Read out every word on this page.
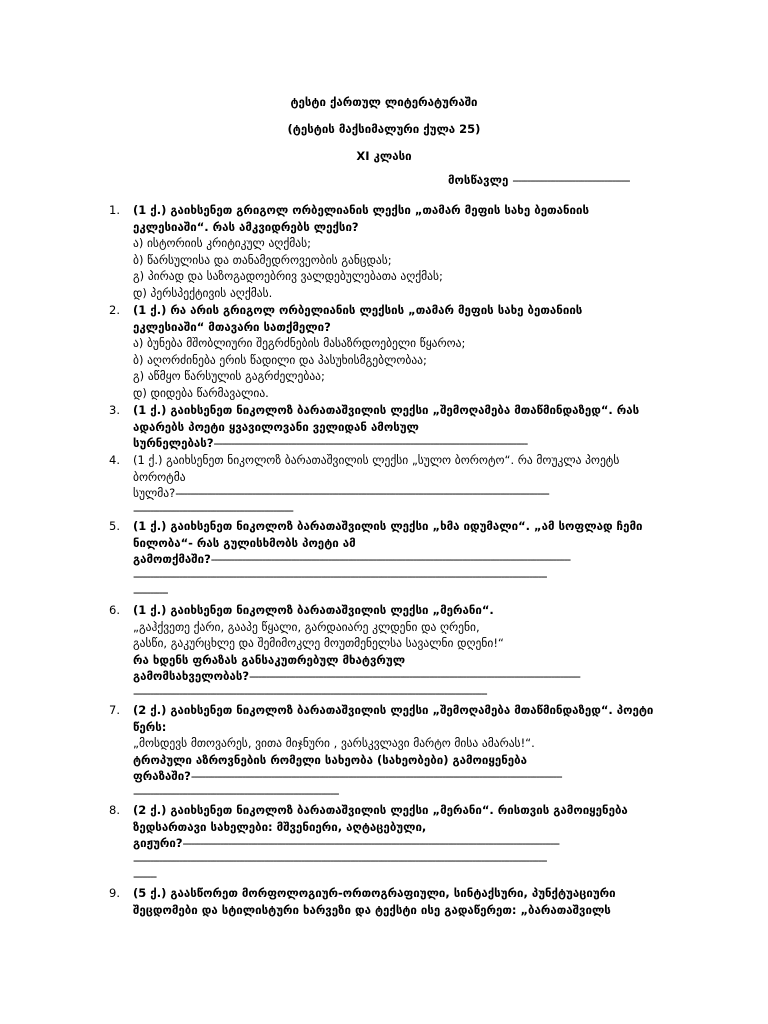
ტესტი ქართულ ლიტერატურაში
(ტესტის მაქსიმალური ქულა 25)
XI კლასი
მოსწავლე -----------------------------------------
1. (1 ქ.) გაიხსენეთ გრიგოლ ორბელიანის ლექსი „თამარ მეფის სახე ბეთანიის
ეკლესიაში“. რას ამკვიდრებს ლექსი?
ა) ისტორიის კრიტიკულ აღქმას;
ბ) წარსულისა და თანამედროვეობის განცდას;
გ) პირად და საზოგადოებრივ ვალდებულებათა აღქმას;
დ) პერსპექტივის აღქმას.
2. (1 ქ.) რა არის გრიგოლ ორბელიანის ლექსის „თამარ მეფის სახე ბეთანიის
ეკლესიაში“ მთავარი სათქმელი?
ა) ბუნება მშობლიური შეგრძნების მასაზრდოებელი წყაროა;
ბ) აღორძინება ერის წადილი და პასუხისმგებლობაა;
გ) აწმყო წარსულის გაგრძელებაა;
დ) დიდება წარმავალია.
3. (1 ქ.) გაიხსენეთ ნიკოლოზ ბარათაშვილის ლექსი „შემოღამება მთაწმინდაზედ“. რას
ადარებს პოეტი ყვავილოვანი ველიდან ამოსულ
სურნელებას?--------------------------------------------------------------------------------------------------------------
4. (1 ქ.) გაიხსენეთ ნიკოლოზ ბარათაშვილის ლექსი „სულო ბოროტო“. რა მოუკლა პოეტს
ბოროტმა
სულმა?-----------------------------------------------------------------------------------------------------------------------------------
--------------------------------------------------------
5. (1 ქ.) გაიხსენეთ ნიკოლოზ ბარათაშვილის ლექსი „ხმა იდუმალი“. „ამ სოფლად ჩემი
ნილობა“- რას გულისხმობს პოეტი ამ
გამოთქმაში?------------------------------------------------------------------------------------------------------------------------------
-------------------------------------------------------------------------------------------------------------------------------------------------
------------
6. (1 ქ.) გაიხსენეთ ნიკოლოზ ბარათაშვილის ლექსი „მერანი“.
„გაჰქვეთე ქარი, გააპე წყალი, გარდაიარე კლდენი და ღრენი,
გასწი, გაკურცხლე და შემიმოკლე მოუთმენელსა სავალნი დღენი!“
რა ხდენს ფრაზას განსაკუთრებულ მხატვრულ
გამომსახველობას?--------------------------------------------------------------------------------------------------------------------
----------------------------------------------------------------------------------------------------------------------------
7. (2 ქ.) გაიხსენეთ ნიკოლოზ ბარათაშვილის ლექსი „შემოღამება მთაწმინდაზედ“. პოეტი
წერს:
„მოსდევს მთოვარეს, ვითა მიჯნური , ვარსკვლავი მარტო მისა ამარას!“.
ტროპული აზროვნების რომელი სახეობა (სახეობები) გამოიყენება
ფრაზაში?----------------------------------------------------------------------------------------------------------------------------------
------------------------------------------------------------------------
8. (2 ქ.) გაიხსენეთ ნიკოლოზ ბარათაშვილის ლექსი „მერანი“. რისთვის გამოიყენება
ზედსართავი სახელები: მშვენიერი, აღტაცებული,
გიჟური?------------------------------------------------------------------------------------------------------------------------------------
-------------------------------------------------------------------------------------------------------------------------------------------------
--------
9. (5 ქ.) გაასწორეთ მორფოლოგიურ-ორთოგრაფიული, სინტაქსური, პუნქტუაციური
შეცდომები და სტილისტური ხარვეზი და ტექსტი ისე გადაწერეთ: „ბარათაშვილს
